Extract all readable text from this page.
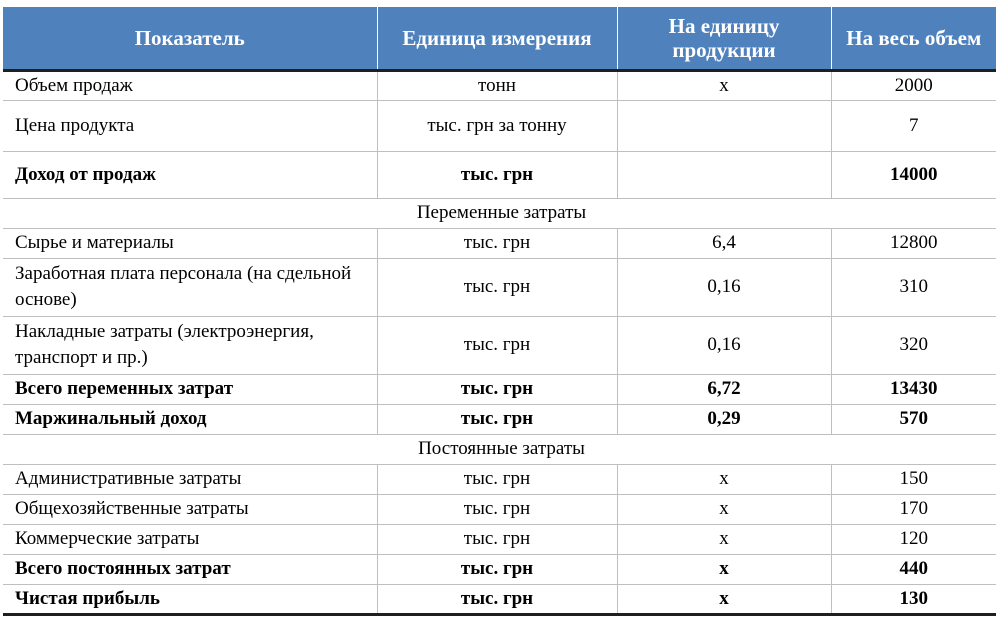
Показатель	Единица измерения	На единицу продукции	На весь объем
Объем продаж	тонн	х	2000
Цена продукта	тыс. грн за тонну		7
Доход от продаж	тыс. грн		14000
Переменные затраты			
Сырье и материалы	тыс. грн	6,4	12800
Заработная плата персонала (на сдельной основе)	тыс. грн	0,16	310
Накладные затраты (электроэнергия, транспорт и пр.)	тыс. грн	0,16	320
Всего переменных затрат	тыс. грн	6,72	13430
Маржинальный доход	тыс. грн	0,29	570
Постоянные затраты			
Административные затраты	тыс. грн	х	150
Общехозяйственные затраты	тыс. грн	х	170
Коммерческие затраты	тыс. грн	х	120
Всего постоянных затрат	тыс. грн	х	440
Чистая прибыль	тыс. грн	х	130
